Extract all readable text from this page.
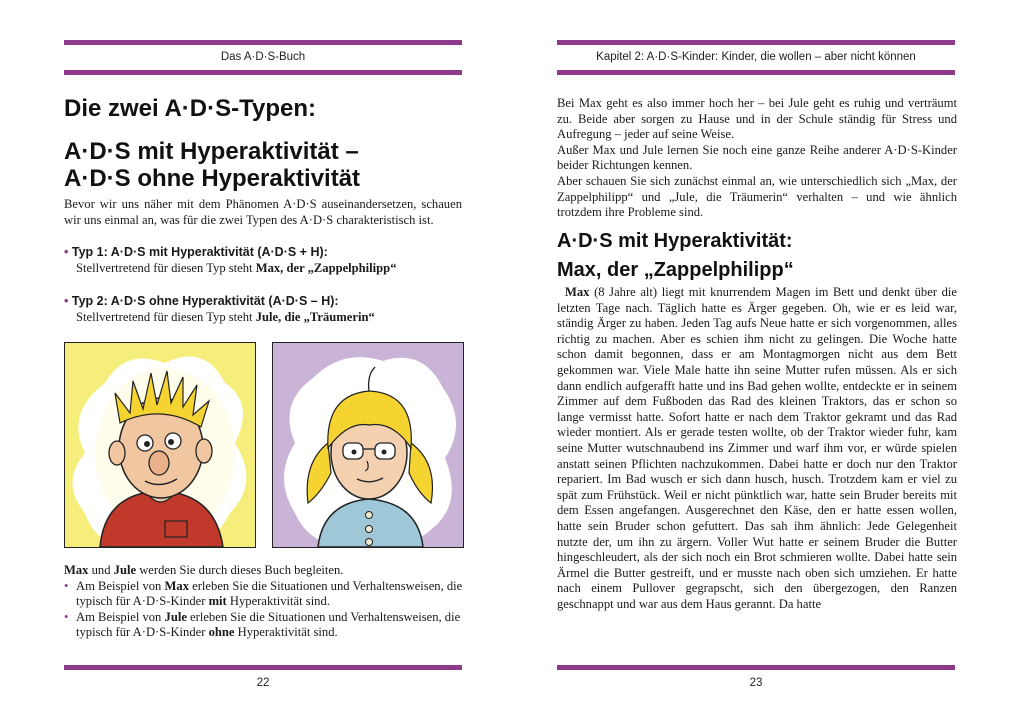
Das A·D·S-Buch
Die zwei A·D·S-Typen:
A·D·S mit Hyperaktivität –
A·D·S ohne Hyperaktivität

Bevor wir uns näher mit dem Phänomen A·D·S auseinandersetzen, schauen wir uns einmal an, was für die zwei Typen des A·D·S charakteristisch ist.

• Typ 1: A·D·S mit Hyperaktivität (A·D·S + H):
Stellvertretend für diesen Typ steht Max, der „Zappelphilipp“
• Typ 2: A·D·S ohne Hyperaktivität (A·D·S – H):
Stellvertretend für diesen Typ steht Jule, die „Träumerin“

Max und Jule werden Sie durch dieses Buch begleiten.

• Am Beispiel von Max erleben Sie die Situationen und Verhaltensweisen, die typisch für A·D·S-Kinder mit Hyperaktivität sind.
• Am Beispiel von Jule erleben Sie die Situationen und Verhaltensweisen, die typisch für A·D·S-Kinder ohne Hyperaktivität sind.
22
Kapitel 2: A·D·S-Kinder: Kinder, die wollen – aber nicht können

Bei Max geht es also immer hoch her – bei Jule geht es ruhig und verträumt zu. Beide aber sorgen zu Hause und in der Schule ständig für Stress und Aufregung – jeder auf seine Weise.

Außer Max und Jule lernen Sie noch eine ganze Reihe anderer A·D·S-Kinder beider Richtungen kennen.

Aber schauen Sie sich zunächst einmal an, wie unterschiedlich sich „Max, der Zappelphilipp“ und „Jule, die Träumerin“ verhalten – und wie ähnlich trotzdem ihre Probleme sind.

A·D·S mit Hyperaktivität:
Max, der „Zappelphilipp“

Max (8 Jahre alt) liegt mit knurrendem Magen im Bett und denkt über die letzten Tage nach. Täglich hatte es Ärger gegeben. Oh, wie er es leid war, ständig Ärger zu haben. Jeden Tag aufs Neue hatte er sich vorgenommen, alles richtig zu machen. Aber es schien ihm nicht zu gelingen. Die Woche hatte schon damit begonnen, dass er am Montagmorgen nicht aus dem Bett gekommen war. Viele Male hatte ihn seine Mutter rufen müssen. Als er sich dann endlich aufgerafft hatte und ins Bad gehen wollte, entdeckte er in seinem Zimmer auf dem Fußboden das Rad des kleinen Traktors, das er schon so lange vermisst hatte. Sofort hatte er nach dem Traktor gekramt und das Rad wieder montiert. Als er gerade testen wollte, ob der Traktor wieder fuhr, kam seine Mutter wutschnaubend ins Zimmer und warf ihm vor, er würde spielen anstatt seinen Pflichten nachzukommen. Dabei hatte er doch nur den Traktor repariert. Im Bad wusch er sich dann husch, husch. Trotzdem kam er viel zu spät zum Frühstück. Weil er nicht pünktlich war, hatte sein Bruder bereits mit dem Essen angefangen. Ausgerechnet den Käse, den er hatte essen wollen, hatte sein Bruder schon gefuttert. Das sah ihm ähnlich: Jede Gelegenheit nutzte der, um ihn zu ärgern. Voller Wut hatte er seinem Bruder die Butter hingeschleudert, als der sich noch ein Brot schmieren wollte. Dabei hatte sein Ärmel die Butter gestreift, und er musste nach oben sich umziehen. Er hatte nach einem Pullover gegrapscht, sich den übergezogen, den Ranzen geschnappt und war aus dem Haus gerannt. Da hatte

23
